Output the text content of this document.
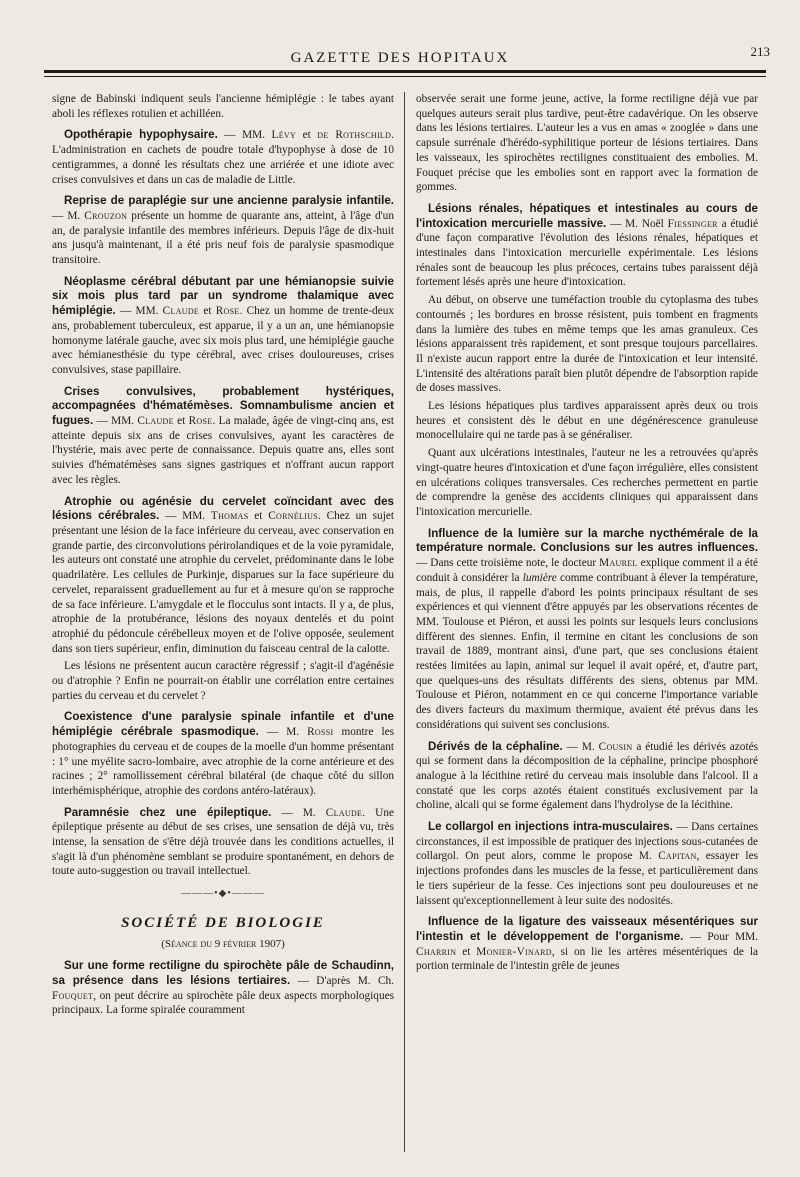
GAZETTE DES HOPITAUX	213

signe de Babinski indiquent seuls l'ancienne hémiplégie : le tabes ayant aboli les réflexes rotulien et achilléen.

Opothérapie hypophysaire. — MM. Lévy et de Rothschild. L'administration en cachets de poudre totale d'hypophyse à dose de 10 centigrammes, a donné les résultats chez une arriérée et une idiote avec crises convulsives et dans un cas de maladie de Little.

Reprise de paraplégie sur une ancienne paralysie infantile. — M. Crouzon présente un homme de quarante ans, atteint, à l'âge d'un an, de paralysie infantile des membres inférieurs. Depuis l'âge de dix-huit ans jusqu'à maintenant, il a été pris neuf fois de paralysie spasmodique transitoire.

Néoplasme cérébral débutant par une hémianopsie suivie six mois plus tard par un syndrome thalamique avec hémiplégie. — MM. Claude et Rose. Chez un homme de trente-deux ans, probablement tuberculeux, est apparue, il y a un an, une hémianopsie homonyme latérale gauche, avec six mois plus tard, une hémiplégie gauche avec hémianesthésie du type cérébral, avec crises douloureuses, crises convulsives, stase papillaire.

Crises convulsives, probablement hystériques, accompagnées d'hématémèses. Somnambulisme ancien et fugues. — MM. Claude et Rose. La malade, âgée de vingt-cinq ans, est atteinte depuis six ans de crises convulsives, ayant les caractères de l'hystérie, mais avec perte de connaissance. Depuis quatre ans, elles sont suivies d'hématémèses sans signes gastriques et n'offrant aucun rapport avec les règles.

Atrophie ou agénésie du cervelet coïncidant avec des lésions cérébrales. — MM. Thomas et Cornélius. Chez un sujet présentant une lésion de la face inférieure du cerveau, avec conservation en grande partie, des circonvolutions périrolandiques et de la voie pyramidale, les auteurs ont constaté une atrophie du cervelet, prédominante dans le lobe quadrilatère. Les cellules de Purkinje, disparues sur la face supérieure du cervelet, reparaissent graduellement au fur et à mesure qu'on se rapproche de sa face inférieure. L'amygdale et le flocculus sont intacts. Il y a, de plus, atrophie de la protubérance, lésions des noyaux dentelés et du point atrophié du pédoncule cérébelleux moyen et de l'olive opposée, seulement dans son tiers supérieur, enfin, diminution du faisceau central de la calotte.

Les lésions ne présentent aucun caractère régressif ; s'agit-il d'agénésie ou d'atrophie ? Enfin ne pourrait-on établir une corrélation entre certaines parties du cerveau et du cervelet ?

Coexistence d'une paralysie spinale infantile et d'une hémiplégie cérébrale spasmodique. — M. Rossi montre les photographies du cerveau et de coupes de la moelle d'un homme présentant : 1° une myélite sacro-lombaire, avec atrophie de la corne antérieure et des racines ; 2° ramollissement cérébral bilatéral (de chaque côté du sillon interhémisphérique, atrophie des cordons antéro-latéraux).

Paramnésie chez une épileptique. — M. Claude. Une épileptique présente au début de ses crises, une sensation de déjà vu, très intense, la sensation de s'être déjà trouvée dans les conditions actuelles, il s'agit là d'un phénomène semblant se produire spontanément, en dehors de toute auto-suggestion ou travail intellectuel.

———•◆•———
SOCIÉTÉ DE BIOLOGIE
(Séance du 9 février 1907)

Sur une forme rectiligne du spirochète pâle de Schaudinn, sa présence dans les lésions tertiaires. — D'après M. Ch. Fouquet, on peut décrire au spirochète pâle deux aspects morphologiques principaux. La forme spiralée couramment

observée serait une forme jeune, active, la forme rectiligne déjà vue par quelques auteurs serait plus tardive, peut-être cadavérique. On les observe dans les lésions tertiaires. L'auteur les a vus en amas « zooglée » dans une capsule surrénale d'hérédo-syphilitique porteur de lésions tertiaires. Dans les vaisseaux, les spirochètes rectilignes constituaient des embolies. M. Fouquet précise que les embolies sont en rapport avec la formation de gommes.

Lésions rénales, hépatiques et intestinales au cours de l'intoxication mercurielle massive. — M. Noël Fiessinger a étudié d'une façon comparative l'évolution des lésions rénales, hépatiques et intestinales dans l'intoxication mercurielle expérimentale. Les lésions rénales sont de beaucoup les plus précoces, certains tubes paraissent déjà fortement lésés après une heure d'intoxication.

Au début, on observe une tuméfaction trouble du cytoplasma des tubes contournés ; les bordures en brosse résistent, puis tombent en fragments dans la lumière des tubes en même temps que les amas granuleux. Ces lésions apparaissent très rapidement, et sont presque toujours parcellaires. Il n'existe aucun rapport entre la durée de l'intoxication et leur intensité. L'intensité des altérations paraît bien plutôt dépendre de l'absorption rapide de doses massives.

Les lésions hépatiques plus tardives apparaissent après deux ou trois heures et consistent dès le début en une dégénérescence granuleuse monocellulaire qui ne tarde pas à se généraliser.

Quant aux ulcérations intestinales, l'auteur ne les a retrouvées qu'après vingt-quatre heures d'intoxication et d'une façon irrégulière, elles consistent en ulcérations coliques transversales. Ces recherches permettent en partie de comprendre la genèse des accidents cliniques qui apparaissent dans l'intoxication mercurielle.

Influence de la lumière sur la marche nycthémérale de la température normale. Conclusions sur les autres influences. — Dans cette troisième note, le docteur Maurel explique comment il a été conduit à considérer la lumière comme contribuant à élever la température, mais, de plus, il rappelle d'abord les points principaux résultant de ses expériences et qui viennent d'être appuyés par les observations récentes de MM. Toulouse et Piéron, et aussi les points sur lesquels leurs conclusions diffèrent des siennes. Enfin, il termine en citant les conclusions de son travail de 1889, montrant ainsi, d'une part, que ses conclusions étaient restées limitées au lapin, animal sur lequel il avait opéré, et, d'autre part, que quelques-uns des résultats différents des siens, obtenus par MM. Toulouse et Piéron, notamment en ce qui concerne l'importance variable des divers facteurs du maximum thermique, avaient été prévus dans les considérations qui suivent ses conclusions.

Dérivés de la céphaline. — M. Cousin a étudié les dérivés azotés qui se forment dans la décomposition de la céphaline, principe phosphoré analogue à la lécithine retiré du cerveau mais insoluble dans l'alcool. Il a constaté que les corps azotés étaient constitués exclusivement par la choline, alcali qui se forme également dans l'hydrolyse de la lécithine.

Le collargol en injections intra-musculaires. — Dans certaines circonstances, il est impossible de pratiquer des injections sous-cutanées de collargol. On peut alors, comme le propose M. Capitan, essayer les injections profondes dans les muscles de la fesse, et particulièrement dans le tiers supérieur de la fesse. Ces injections sont peu douloureuses et ne laissent qu'exceptionnellement à leur suite des nodosités.

Influence de la ligature des vaisseaux mésentériques sur l'intestin et le développement de l'organisme. — Pour MM. Charrin et Monier-Vinard, si on lie les artères mésentériques de la portion terminale de l'intestin grêle de jeunes
